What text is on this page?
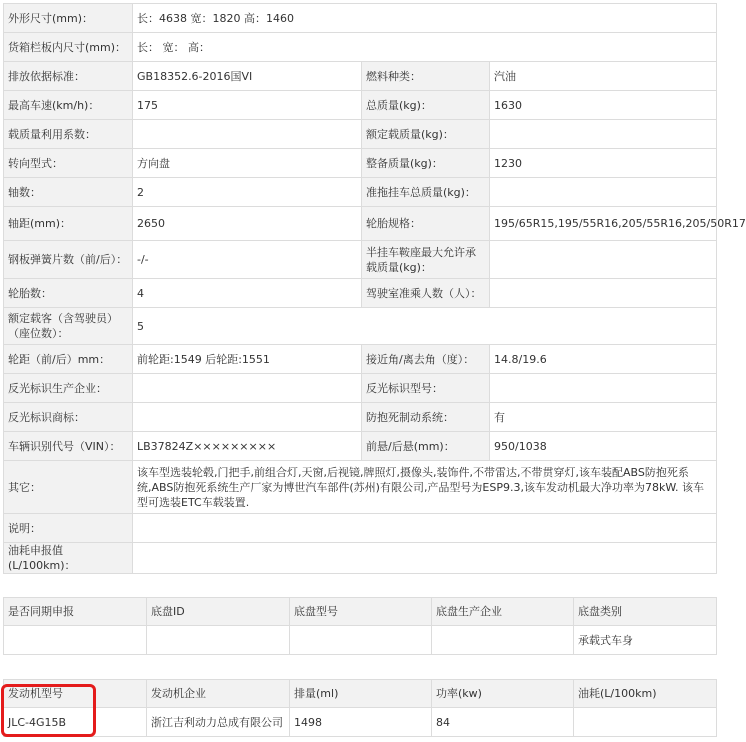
外形尺寸(mm)：	长：4638 宽：1820 高：1460		
货箱栏板内尺寸(mm)：	长： 宽： 高：		
排放依据标准：	GB18352.6-2016国VI	燃料种类：	汽油
最高车速(km/h)：	175	总质量(kg)：	1630
载质量利用系数：		额定载质量(kg)：	
转向型式：	方向盘	整备质量(kg)：	1230
轴数：	2	准拖挂车总质量(kg)：	
轴距(mm)：	2650	轮胎规格：	195/65R15,195/55R16,205/55R16,205/50R17
钢板弹簧片数（前/后）：	-/-	半挂车鞍座最大允许承载质量(kg)：	
轮胎数：	4	驾驶室准乘人数（人）：	
额定载客（含驾驶员）（座位数）：	5		
轮距（前/后）mm：	前轮距:1549 后轮距:1551	接近角/离去角（度）：	14.8/19.6
反光标识生产企业：		反光标识型号：	
反光标识商标：		防抱死制动系统：	有
车辆识别代号（VIN）：	LB37824Z×××××××××	前悬/后悬(mm)：	950/1038
其它：	该车型选装轮毂,门把手,前组合灯,天窗,后视镜,牌照灯,摄像头,装饰件,不带雷达,不带贯穿灯,该车装配ABS防抱死系统,ABS防抱死系统生产厂家为博世汽车部件(苏州)有限公司,产品型号为ESP9.3,该车发动机最大净功率为78kW. 该车型可选装ETC车载装置.		
说明：			
油耗申报值(L/100km)：			
是否同期申报	底盘ID	底盘型号	底盘生产企业	底盘类别
				承载式车身
发动机型号	发动机企业	排量(ml)	功率(kw)	油耗(L/100km)
JLC-4G15B	浙江吉利动力总成有限公司	1498	84	
